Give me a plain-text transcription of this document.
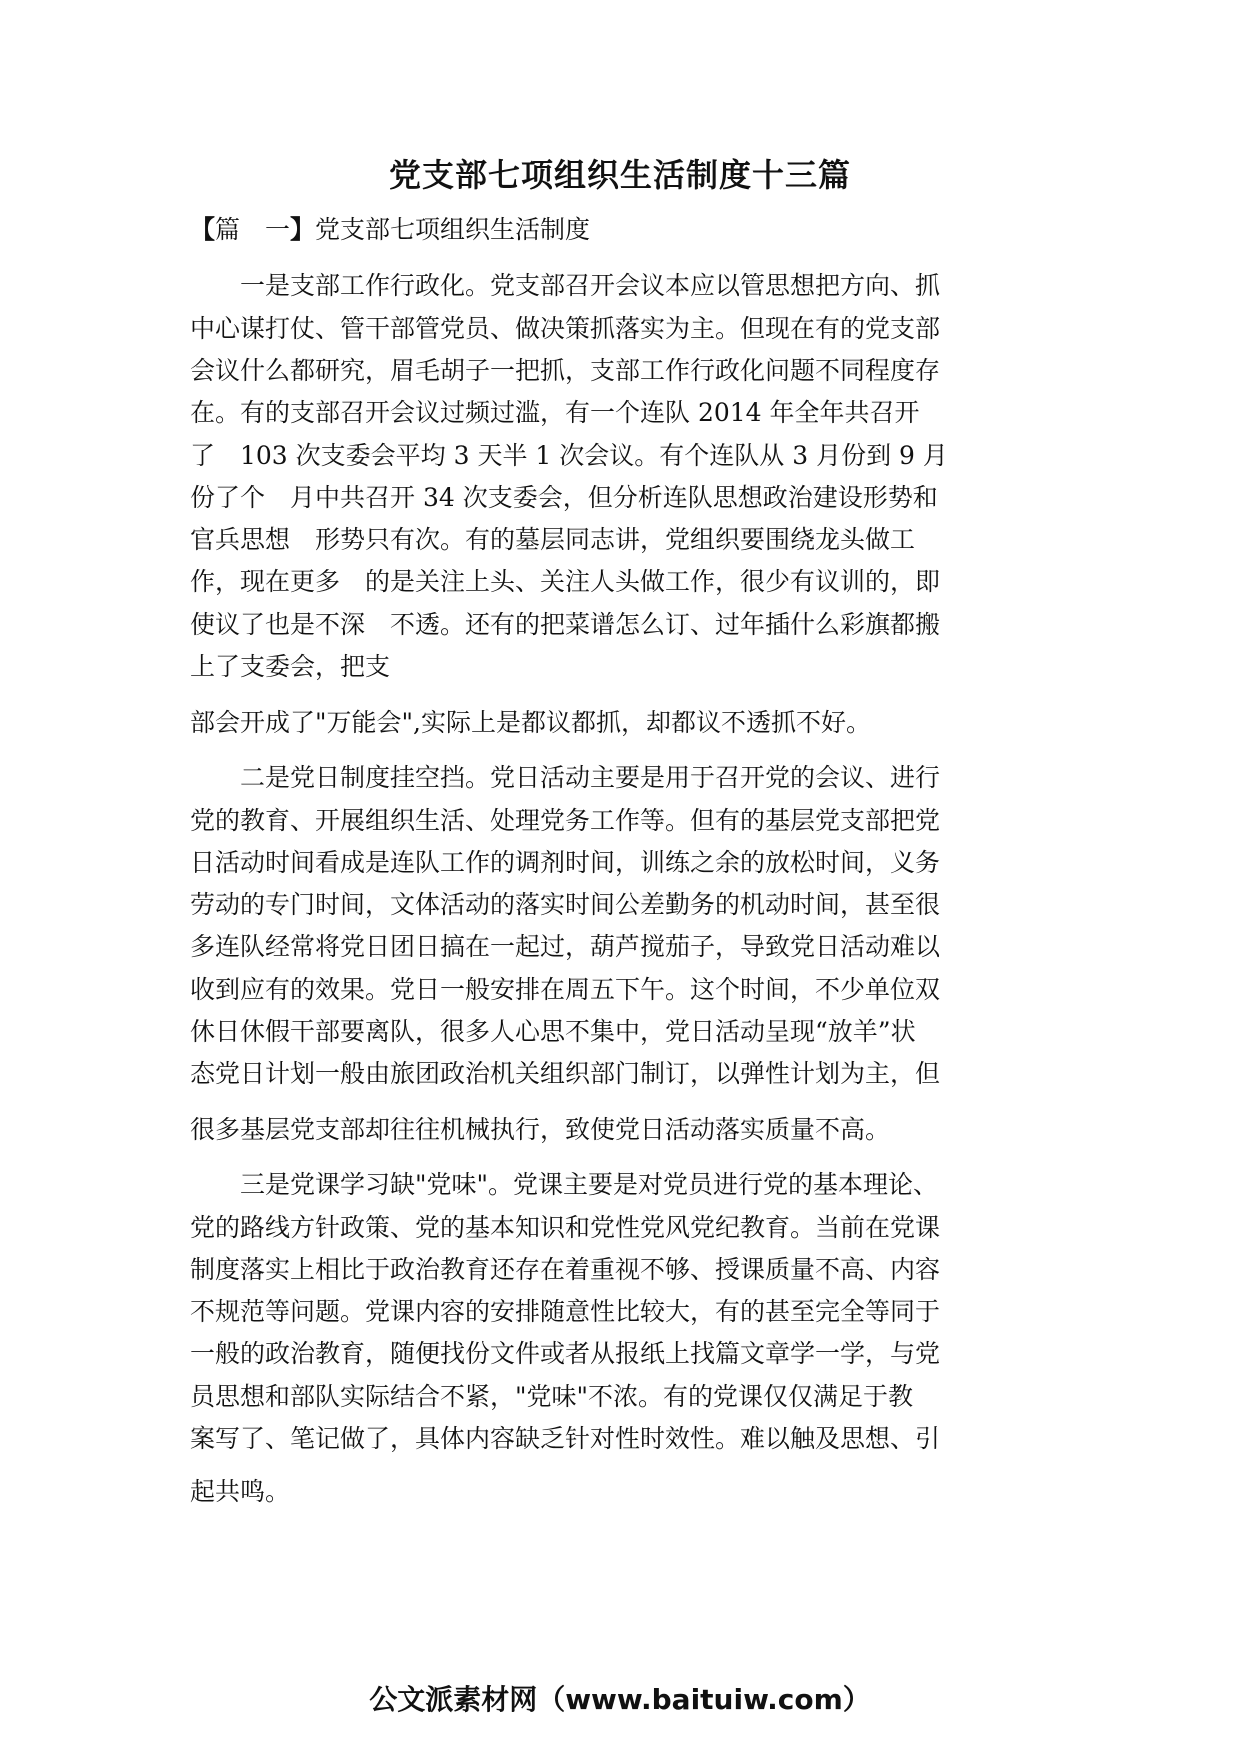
党支部七项组织生活制度十三篇
【篇　一】党支部七项组织生活制度
　　一是支部工作行政化。党支部召开会议本应以管思想把方向、抓
中心谋打仗、管干部管党员、做决策抓落实为主。但现在有的党支部
会议什么都研究，眉毛胡子一把抓，支部工作行政化问题不同程度存
在。有的支部召开会议过频过滥，有一个连队 2014 年全年共召开
了　103 次支委会平均 3 天半 1 次会议。有个连队从 3 月份到 9 月
份了个　月中共召开 34 次支委会，但分析连队思想政治建设形势和
官兵思想　形势只有次。有的墓层同志讲，党组织要围绕龙头做工
作，现在更多　的是关注上头、关注人头做工作，很少有议训的，即
使议了也是不深　不透。还有的把菜谱怎么订、过年插什么彩旗都搬
上了支委会，把支
部会开成了"万能会",实际上是都议都抓，却都议不透抓不好。
　　二是党日制度挂空挡。党日活动主要是用于召开党的会议、进行
党的教育、开展组织生活、处理党务工作等。但有的基层党支部把党
日活动时间看成是连队工作的调剂时间，训练之余的放松时间，义务
劳动的专门时间，文体活动的落实时间公差勤务的机动时间，甚至很
多连队经常将党日团日搞在一起过，葫芦搅茄子，导致党日活动难以
收到应有的效果。党日一般安排在周五下午。这个时间，不少单位双
休日休假干部要离队，很多人心思不集中，党日活动呈现“放羊”状
态党日计划一般由旅团政治机关组织部门制订，以弹性计划为主，但
很多基层党支部却往往机械执行，致使党日活动落实质量不高。
　　三是党课学习缺"党味"。党课主要是对党员进行党的基本理论、
党的路线方针政策、党的基本知识和党性党风党纪教育。当前在党课
制度落实上相比于政治教育还存在着重视不够、授课质量不高、内容
不规范等问题。党课内容的安排随意性比较大，有的甚至完全等同于
一般的政治教育，随便找份文件或者从报纸上找篇文章学一学，与党
员思想和部队实际结合不紧，"党味"不浓。有的党课仅仅满足于教
案写了、笔记做了，具体内容缺乏针对性时效性。难以触及思想、引
起共鸣。
公文派素材网（www.baituiw.com）
